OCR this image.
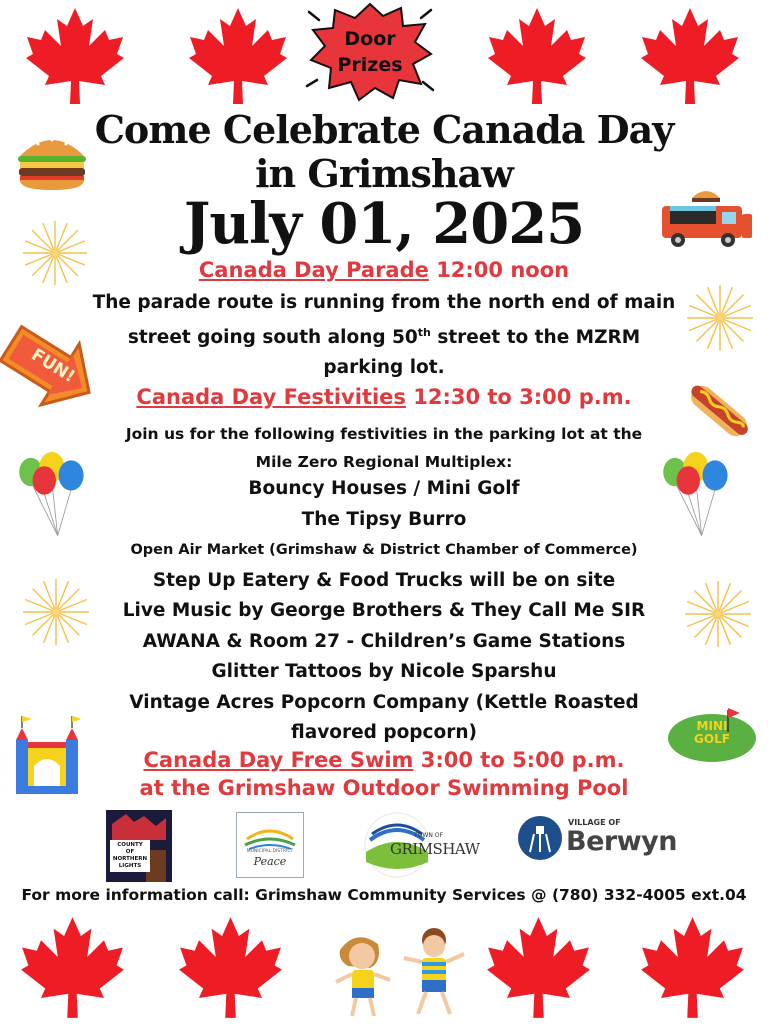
Door
Prizes
FUN!
MINI
GOLF
Come Celebrate Canada Day
in Grimshaw
July 01, 2025
Canada Day Parade 12:00 noon
The parade route is running from the north end of main
street going south along 50th street to the MZRM
parking lot.
Canada Day Festivities 12:30 to 3:00 p.m.
Join us for the following festivities in the parking lot at the
Mile Zero Regional Multiplex:
Bouncy Houses / Mini Golf
The Tipsy Burro
Open Air Market (Grimshaw & District Chamber of Commerce)
Step Up Eatery & Food Trucks will be on site
Live Music by George Brothers & They Call Me SIR
AWANA & Room 27 - Children’s Game Stations
Glitter Tattoos by Nicole Sparshu
Vintage Acres Popcorn Company (Kettle Roasted
flavored popcorn)
Canada Day Free Swim 3:00 to 5:00 p.m.
at the Grimshaw Outdoor Swimming Pool
COUNTY
OF
NORTHERN
LIGHTS
MUNICIPAL DISTRICT
Peace
TOWN OF
GRIMSHAW
VILLAGE OF
Berwyn
For more information call: Grimshaw Community Services @ (780) 332-4005 ext.04
